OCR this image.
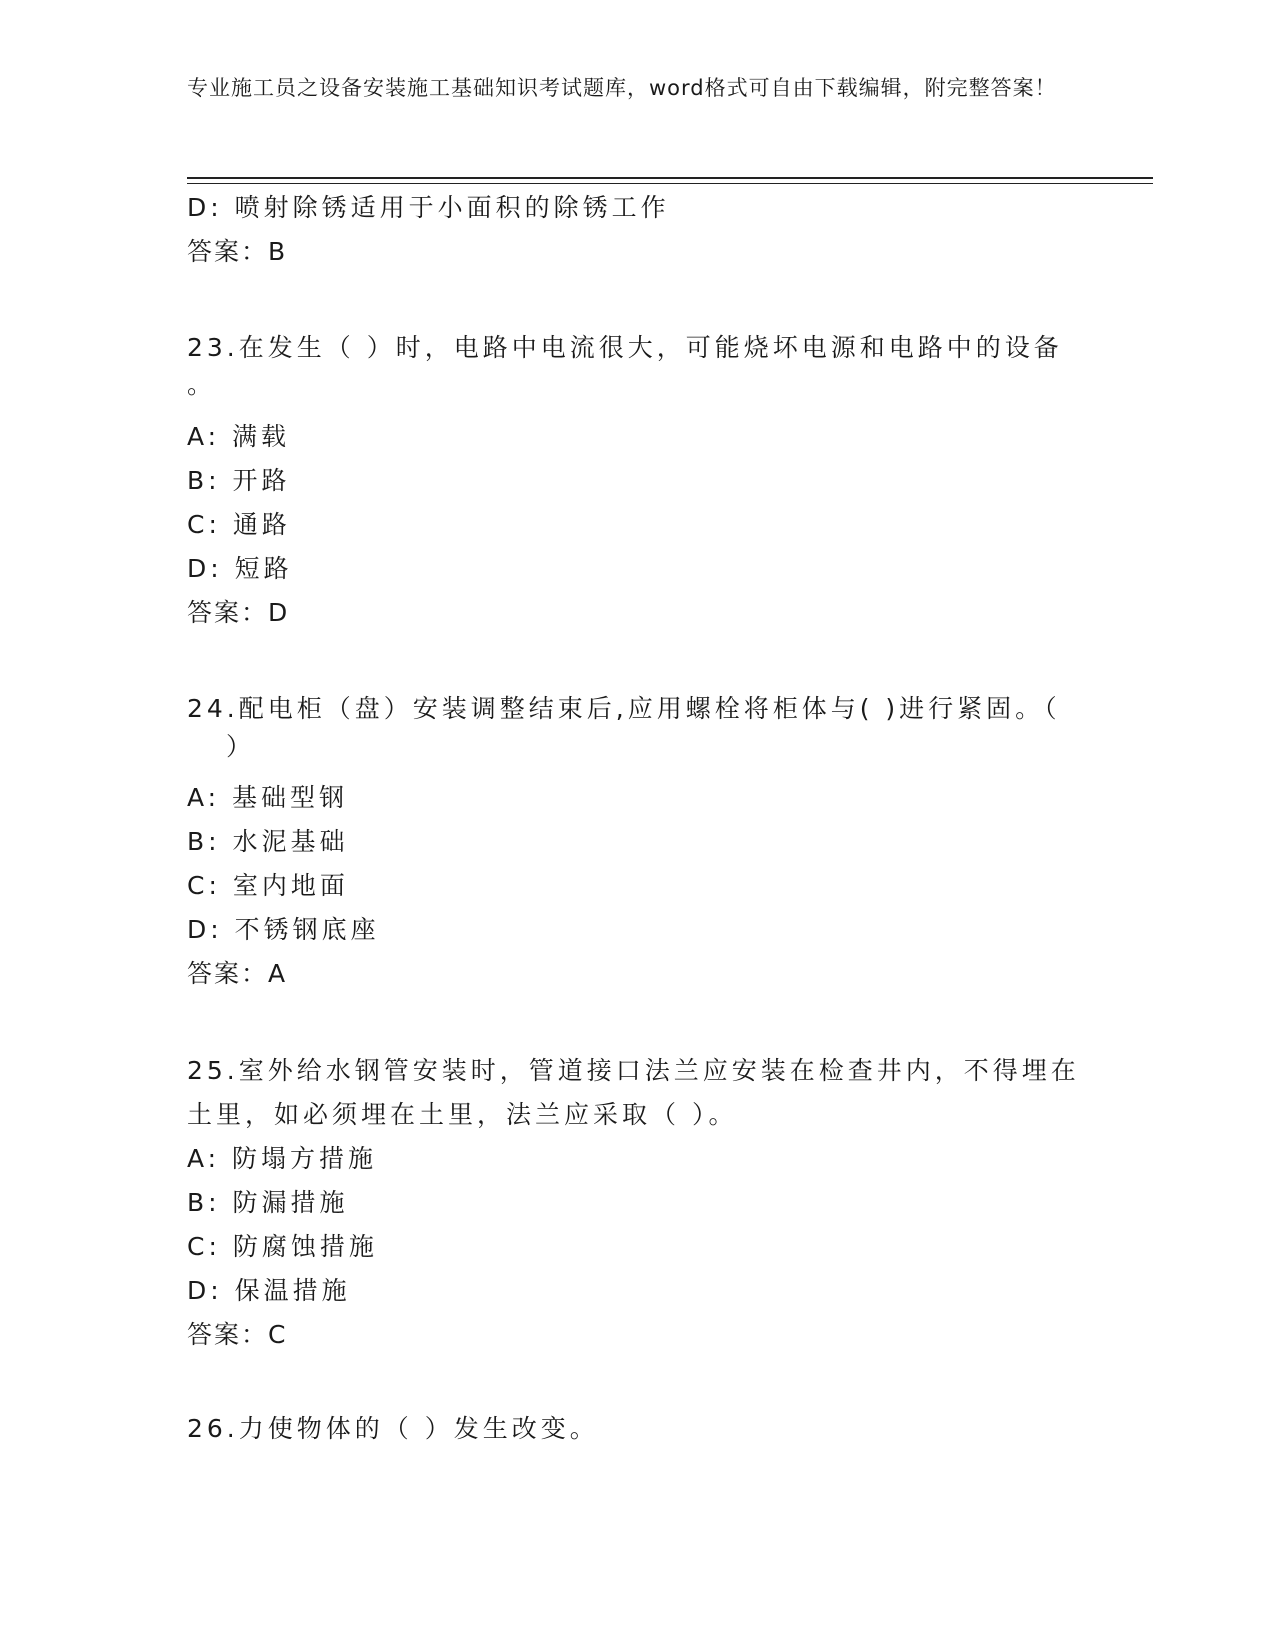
专业施工员之设备安装施工基础知识考试题库，word格式可自由下载编辑，附完整答案！
D: 喷射除锈适用于小面积的除锈工作
答案：B
23.在发生（ ）时，电路中电流很大，可能烧坏电源和电路中的设备
。
A: 满载
B: 开路
C: 通路
D: 短路
答案：D
24.配电柜（盘）安装调整结束后,应用螺栓将柜体与( )进行紧固。（
）
A: 基础型钢
B: 水泥基础
C: 室内地面
D: 不锈钢底座
答案：A
25.室外给水钢管安装时，管道接口法兰应安装在检查井内，不得埋在
土里，如必须埋在土里，法兰应采取（ ）。
A: 防塌方措施
B: 防漏措施
C: 防腐蚀措施
D: 保温措施
答案：C
26.力使物体的（ ）发生改变。
